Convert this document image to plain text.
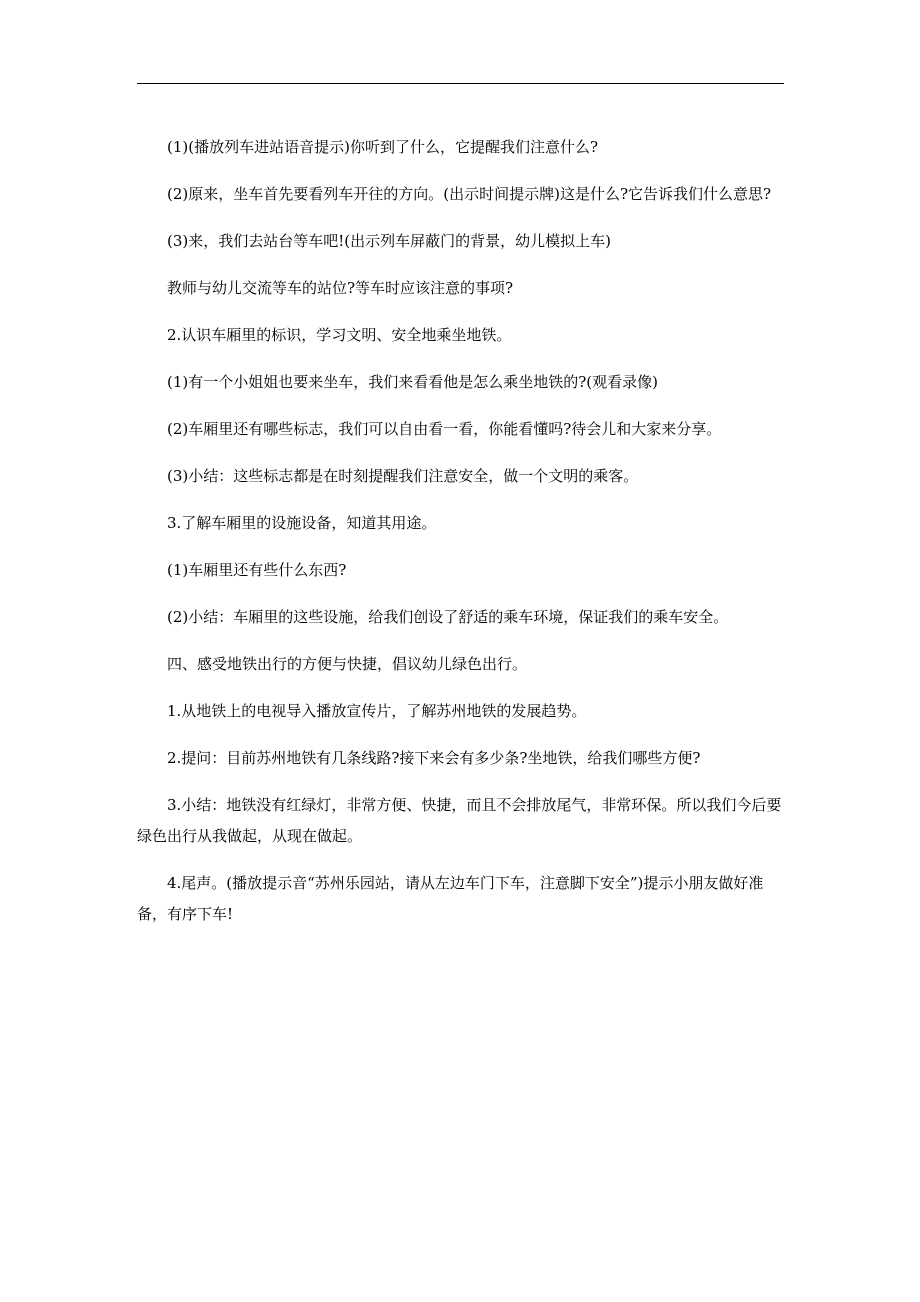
(1)(播放列车进站语音提示)你听到了什么，它提醒我们注意什么?

(2)原来，坐车首先要看列车开往的方向。(出示时间提示牌)这是什么?它告诉我们什么意思?

(3)来，我们去站台等车吧!(出示列车屏蔽门的背景，幼儿模拟上车)

教师与幼儿交流等车的站位?等车时应该注意的事项?

2.认识车厢里的标识，学习文明、安全地乘坐地铁。

(1)有一个小姐姐也要来坐车，我们来看看他是怎么乘坐地铁的?(观看录像)

(2)车厢里还有哪些标志，我们可以自由看一看，你能看懂吗?待会儿和大家来分享。

(3)小结：这些标志都是在时刻提醒我们注意安全，做一个文明的乘客。

3.了解车厢里的设施设备，知道其用途。

(1)车厢里还有些什么东西?

(2)小结：车厢里的这些设施，给我们创设了舒适的乘车环境，保证我们的乘车安全。

四、感受地铁出行的方便与快捷，倡议幼儿绿色出行。

1.从地铁上的电视导入播放宣传片，了解苏州地铁的发展趋势。

2.提问：目前苏州地铁有几条线路?接下来会有多少条?坐地铁，给我们哪些方便?

3.小结：地铁没有红绿灯，非常方便、快捷，而且不会排放尾气，非常环保。所以我们今后要绿色出行从我做起，从现在做起。

4.尾声。(播放提示音“苏州乐园站，请从左边车门下车，注意脚下安全”)提示小朋友做好准备，有序下车!
